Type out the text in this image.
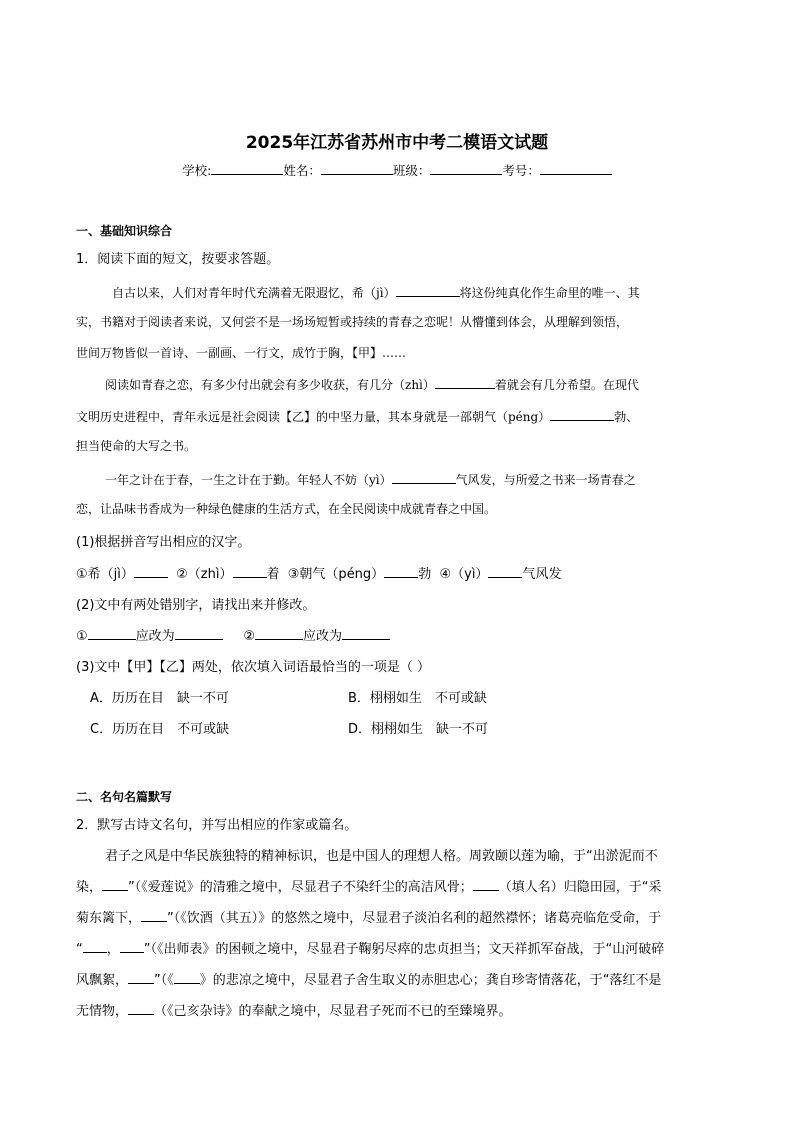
2025年江苏省苏州市中考二模语文试题
学校:	姓名：	班级：	考号：
一、基础知识综合
1．阅读下面的短文，按要求答题。
自古以来，人们对青年时代充满着无限遐忆，希（jì）	将这份纯真化作生命里的唯一、其
实，书籍对于阅读者来说，又何尝不是一场场短暂或持续的青春之恋呢！从懵懂到体会，从理解到领悟，
世间万物皆似一首诗、一副画、一行文，成竹于胸，【甲】……
阅读如青春之恋，有多少付出就会有多少收获，有几分（zhì）	着就会有几分希望。在现代
文明历史进程中，青年永远是社会阅读【乙】的中坚力量，其本身就是一部朝气（péng）	勃、
担当使命的大写之书。
一年之计在于春，一生之计在于勤。年轻人不妨（yì）	气风发，与所爱之书来一场青春之
恋，让品味书香成为一种绿色健康的生活方式，在全民阅读中成就青春之中国。
(1)根据拼音写出相应的汉字。
①希（jì）	②（zhì）	着 ③朝气（péng）	勃 ④（yì）	气风发
(2)文中有两处错别字，请找出来并修改。
①	应改为	②	应改为
(3)文中【甲】【乙】两处，依次填入词语最恰当的一项是（ ）
A．历历在目　缺一不可	B．栩栩如生　不可或缺
C．历历在目　不可或缺	D．栩栩如生　缺一不可
二、名句名篇默写
2．默写古诗文名句，并写出相应的作家或篇名。
君子之风是中华民族独特的精神标识，也是中国人的理想人格。周敦颐以莲为喻，于“出淤泥而不
染， ”（《爱莲说》的清雅之境中，尽显君子不染纤尘的高洁风骨； （填人名）归隐田园，于“采
菊东篱下， ”（《饮酒（其五）》的悠然之境中，尽显君子淡泊名利的超然襟怀；诸葛亮临危受命，于
“ ， ”（《出师表》的困顿之境中，尽显君子鞠躬尽瘁的忠贞担当；文天祥抓军奋战，于“山河破碎
风飘絮， ”（《 》的悲凉之境中，尽显君子舍生取义的赤胆忠心；龚自珍寄情落花，于“落红不是
无情物， （《己亥杂诗》的奉献之境中，尽显君子死而不已的至臻境界。
